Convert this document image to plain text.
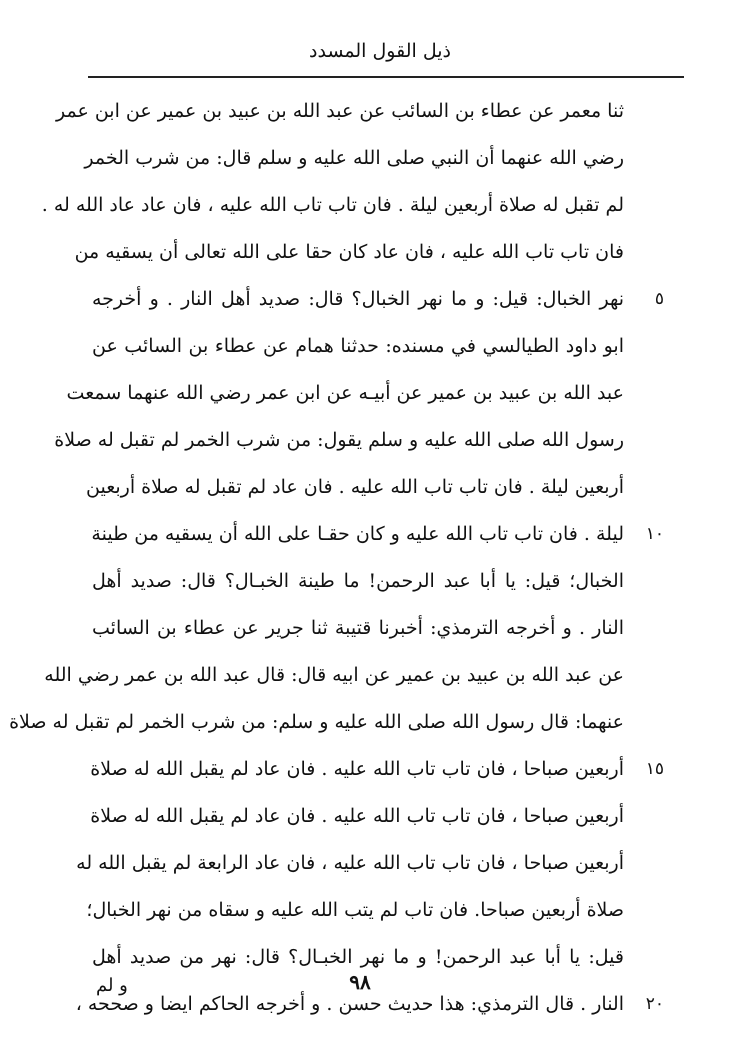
ذيل القول المسدد
ثنا معمر عن عطاء بن السائب عن عبد الله بن عبيد بن عمير عن ابن عمر
رضي الله عنهما أن النبي صلى الله عليه و سلم قال: من شرب الخمر
لم تقبل له صلاة أربعين ليلة . فان تاب تاب الله عليه ، فان عاد عاد الله له .
فان تاب تاب الله عليه ، فان عاد كان حقا على الله تعالى أن يسقيه من
نهر الخبال: قيل: و ما نهر الخبال؟ قال: صديد أهل النار . و أخرجه	٥
ابو داود الطيالسي في مسنده: حدثنا همام عن عطاء بن السائب عن
عبد الله بن عبيد بن عمير عن أبيـه عن ابن عمر رضي الله عنهما سمعت
رسول الله صلى الله عليه و سلم يقول: من شرب الخمر لم تقبل له صلاة
أربعين ليلة . فان تاب تاب الله عليه . فان عاد لم تقبل له صلاة أربعين
ليلة . فان تاب تاب الله عليه و كان حقـا على الله أن يسقيه من طينة	١٠
الخبال؛ قيل: يا أبا عبد الرحمن! ما طينة الخبـال؟ قال: صديد أهل
النار . و أخرجه الترمذي: أخبرنا قتيبة ثنا جرير عن عطاء بن السائب
عن عبد الله بن عبيد بن عمير عن ابيه قال: قال عبد الله بن عمر رضي الله
عنهما: قال رسول الله صلى الله عليه و سلم: من شرب الخمر لم تقبل له صلاة
أربعين صباحا ، فان تاب تاب الله عليه . فان عاد لم يقبل الله له صلاة	١٥
أربعين صباحا ، فان تاب تاب الله عليه . فان عاد لم يقبل الله له صلاة
أربعين صباحا ، فان تاب تاب الله عليه ، فان عاد الرابعة لم يقبل الله له
صلاة أربعين صباحا. فان تاب لم يتب الله عليه و سقاه من نهر الخبال؛
قيل: يا أبا عبد الرحمن! و ما نهر الخبـال؟ قال: نهر من صديد أهل
النار . قال الترمذي: هذا حديث حسن . و أخرجه الحاكم ايضا و صححه ،	٢٠
٩٨
و لم
